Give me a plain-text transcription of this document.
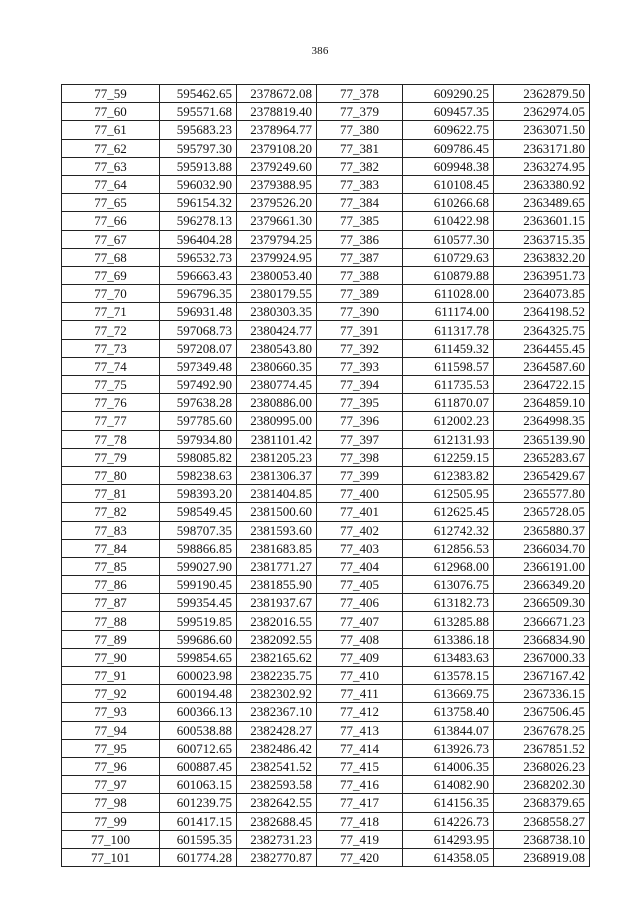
386
77_59	595462.65	2378672.08	77_378	609290.25	2362879.50
77_60	595571.68	2378819.40	77_379	609457.35	2362974.05
77_61	595683.23	2378964.77	77_380	609622.75	2363071.50
77_62	595797.30	2379108.20	77_381	609786.45	2363171.80
77_63	595913.88	2379249.60	77_382	609948.38	2363274.95
77_64	596032.90	2379388.95	77_383	610108.45	2363380.92
77_65	596154.32	2379526.20	77_384	610266.68	2363489.65
77_66	596278.13	2379661.30	77_385	610422.98	2363601.15
77_67	596404.28	2379794.25	77_386	610577.30	2363715.35
77_68	596532.73	2379924.95	77_387	610729.63	2363832.20
77_69	596663.43	2380053.40	77_388	610879.88	2363951.73
77_70	596796.35	2380179.55	77_389	611028.00	2364073.85
77_71	596931.48	2380303.35	77_390	611174.00	2364198.52
77_72	597068.73	2380424.77	77_391	611317.78	2364325.75
77_73	597208.07	2380543.80	77_392	611459.32	2364455.45
77_74	597349.48	2380660.35	77_393	611598.57	2364587.60
77_75	597492.90	2380774.45	77_394	611735.53	2364722.15
77_76	597638.28	2380886.00	77_395	611870.07	2364859.10
77_77	597785.60	2380995.00	77_396	612002.23	2364998.35
77_78	597934.80	2381101.42	77_397	612131.93	2365139.90
77_79	598085.82	2381205.23	77_398	612259.15	2365283.67
77_80	598238.63	2381306.37	77_399	612383.82	2365429.67
77_81	598393.20	2381404.85	77_400	612505.95	2365577.80
77_82	598549.45	2381500.60	77_401	612625.45	2365728.05
77_83	598707.35	2381593.60	77_402	612742.32	2365880.37
77_84	598866.85	2381683.85	77_403	612856.53	2366034.70
77_85	599027.90	2381771.27	77_404	612968.00	2366191.00
77_86	599190.45	2381855.90	77_405	613076.75	2366349.20
77_87	599354.45	2381937.67	77_406	613182.73	2366509.30
77_88	599519.85	2382016.55	77_407	613285.88	2366671.23
77_89	599686.60	2382092.55	77_408	613386.18	2366834.90
77_90	599854.65	2382165.62	77_409	613483.63	2367000.33
77_91	600023.98	2382235.75	77_410	613578.15	2367167.42
77_92	600194.48	2382302.92	77_411	613669.75	2367336.15
77_93	600366.13	2382367.10	77_412	613758.40	2367506.45
77_94	600538.88	2382428.27	77_413	613844.07	2367678.25
77_95	600712.65	2382486.42	77_414	613926.73	2367851.52
77_96	600887.45	2382541.52	77_415	614006.35	2368026.23
77_97	601063.15	2382593.58	77_416	614082.90	2368202.30
77_98	601239.75	2382642.55	77_417	614156.35	2368379.65
77_99	601417.15	2382688.45	77_418	614226.73	2368558.27
77_100	601595.35	2382731.23	77_419	614293.95	2368738.10
77_101	601774.28	2382770.87	77_420	614358.05	2368919.08
